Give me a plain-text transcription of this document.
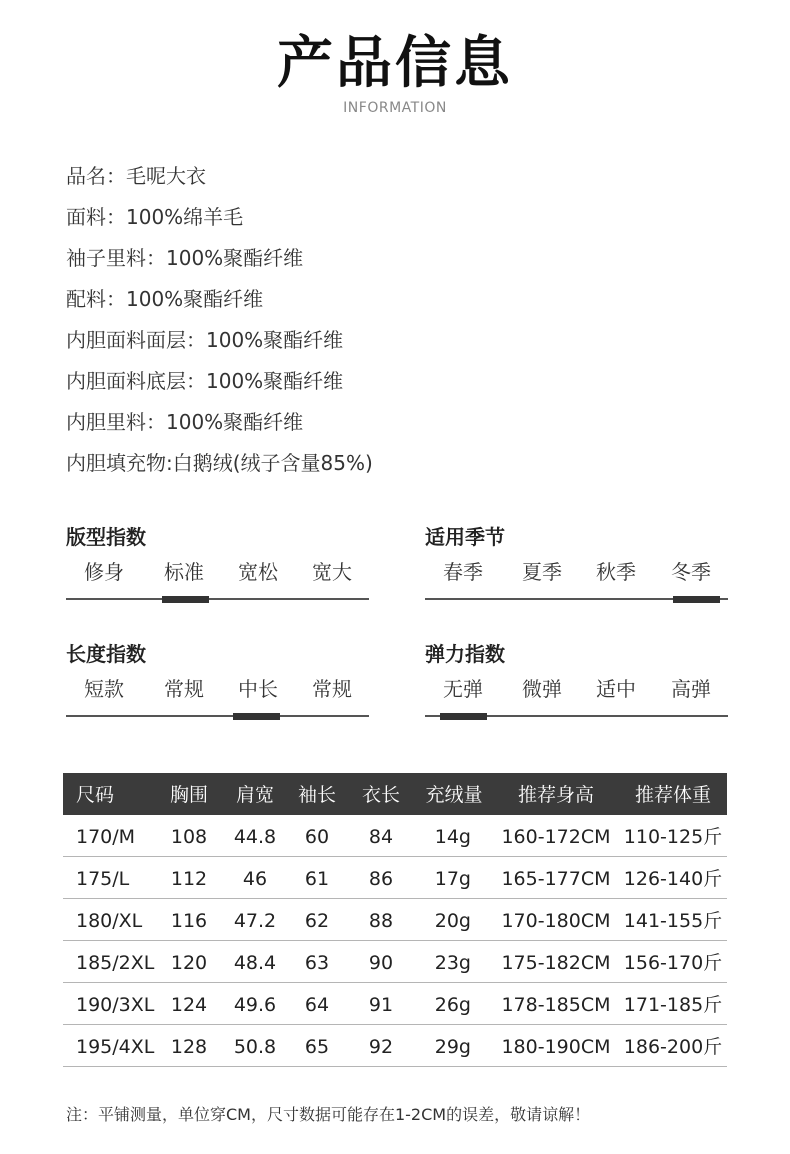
产品信息
INFORMATION
品名：毛呢大衣
面料：100%绵羊毛
袖子里料：100%聚酯纤维
配料：100%聚酯纤维
内胆面料面层：100%聚酯纤维
内胆面料底层：100%聚酯纤维
内胆里料：100%聚酯纤维
内胆填充物:白鹅绒(绒子含量85%)
版型指数
修身	标准	宽松	宽大
适用季节
春季	夏季	秋季	冬季
长度指数
短款	常规	中长	常规
弹力指数
无弹	微弹	适中	高弹
尺码	胸围	肩宽	袖长	衣长	充绒量	推荐身高	推荐体重
170/M	108	44.8	60	84	14g 160-172CM 110-125斤
175/L	112	46	61	86	17g 165-177CM 126-140斤
180/XL	116	47.2	62	88	20g 170-180CM 141-155斤
185/2XL 120	48.4	63	90	23g 175-182CM 156-170斤
190/3XL 124	49.6	64	91	26g 178-185CM 171-185斤
195/4XL 128	50.8	65	92	29g 180-190CM 186-200斤
注：平铺测量，单位穿CM，尺寸数据可能存在1-2CM的误差，敬请谅解！
